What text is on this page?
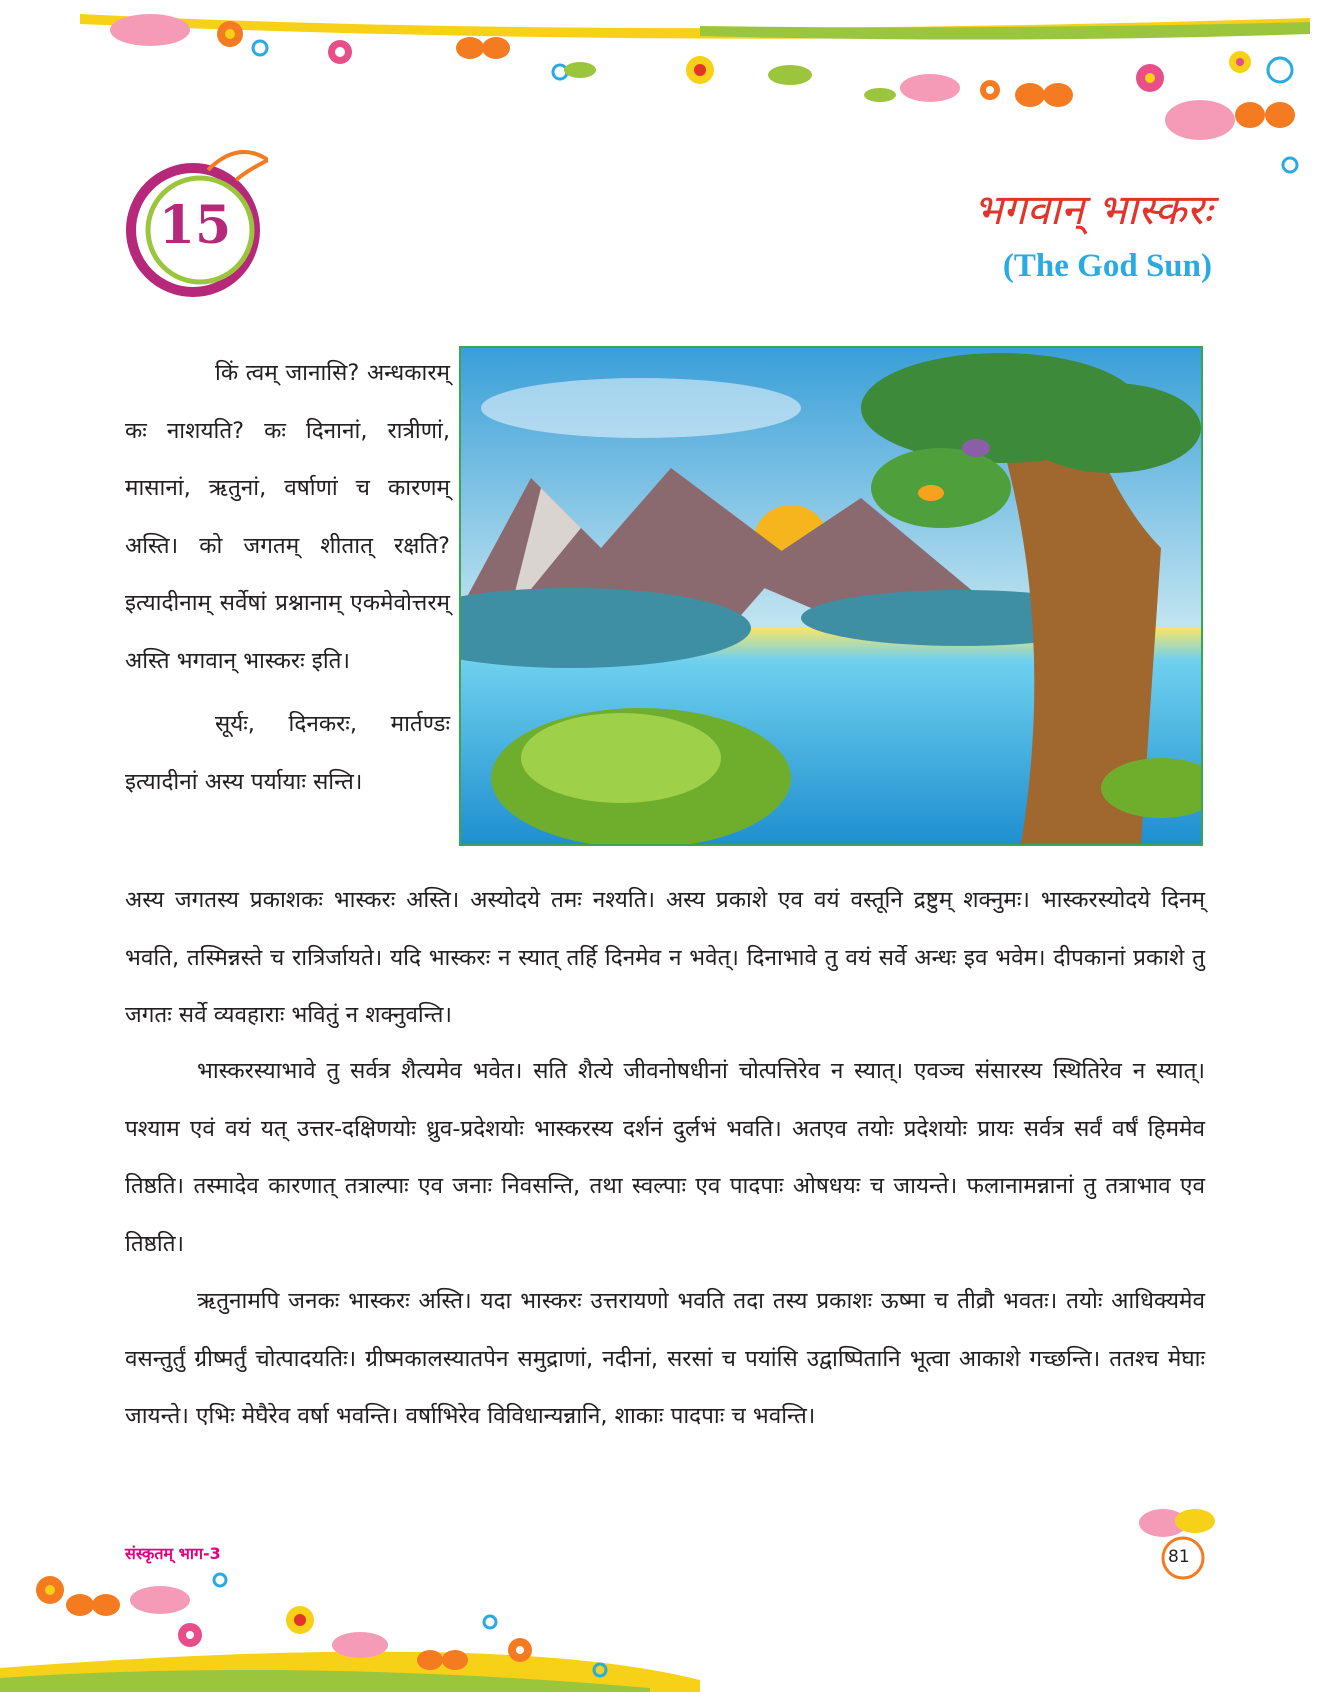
15	भगवान् भास्करः
(The God Sun)

किं त्वम् जानासि? अन्धकारम् कः नाशयति? कः दिनानां, रात्रीणां, मासानां, ऋतुनां, वर्षाणां च कारणम् अस्ति। को जगतम् शीतात् रक्षति? इत्यादीनाम् सर्वेषां प्रश्नानाम् एकमेवोत्तरम् अस्ति भगवान् भास्करः इति।

सूर्यः, दिनकरः, मार्तण्डः इत्यादीनां अस्य पर्यायाः सन्ति।

अस्य जगतस्य प्रकाशकः भास्करः अस्ति। अस्योदये तमः नश्यति। अस्य प्रकाशे एव वयं वस्तूनि द्रष्टुम् शक्नुमः। भास्करस्योदये दिनम् भवति, तस्मिन्नस्ते च रात्रिर्जायते। यदि भास्करः न स्यात् तर्हि दिनमेव न भवेत्। दिनाभावे तु वयं सर्वे अन्धः इव भवेम। दीपकानां प्रकाशे तु जगतः सर्वे व्यवहाराः भवितुं न शक्नुवन्ति।

भास्करस्याभावे तु सर्वत्र शैत्यमेव भवेत। सति शैत्ये जीवनोषधीनां चोत्पत्तिरेव न स्यात्। एवञ्च संसारस्य स्थितिरेव न स्यात्। पश्याम एवं वयं यत् उत्तर-दक्षिणयोः ध्रुव-प्रदेशयोः भास्करस्य दर्शनं दुर्लभं भवति। अतएव तयोः प्रदेशयोः प्रायः सर्वत्र सर्वं वर्षं हिममेव तिष्ठति। तस्मादेव कारणात् तत्राल्पाः एव जनाः निवसन्ति, तथा स्वल्पाः एव पादपाः ओषधयः च जायन्ते। फलानामन्नानां तु तत्राभाव एव तिष्ठति।

ऋतुनामपि जनकः भास्करः अस्ति। यदा भास्करः उत्तरायणो भवति तदा तस्य प्रकाशः ऊष्मा च तीव्रौ भवतः। तयोः आधिक्यमेव वसन्तुर्तुं ग्रीष्मर्तुं चोत्पादयतिः। ग्रीष्मकालस्यातपेन समुद्राणां, नदीनां, सरसां च पयांसि उद्वाष्पितानि भूत्वा आकाशे गच्छन्ति। ततश्च मेघाः जायन्ते। एभिः मेघैरेव वर्षा भवन्ति। वर्षाभिरेव विविधान्यन्नानि, शाकाः पादपाः च भवन्ति।

संस्कृतम् भाग-3	81
